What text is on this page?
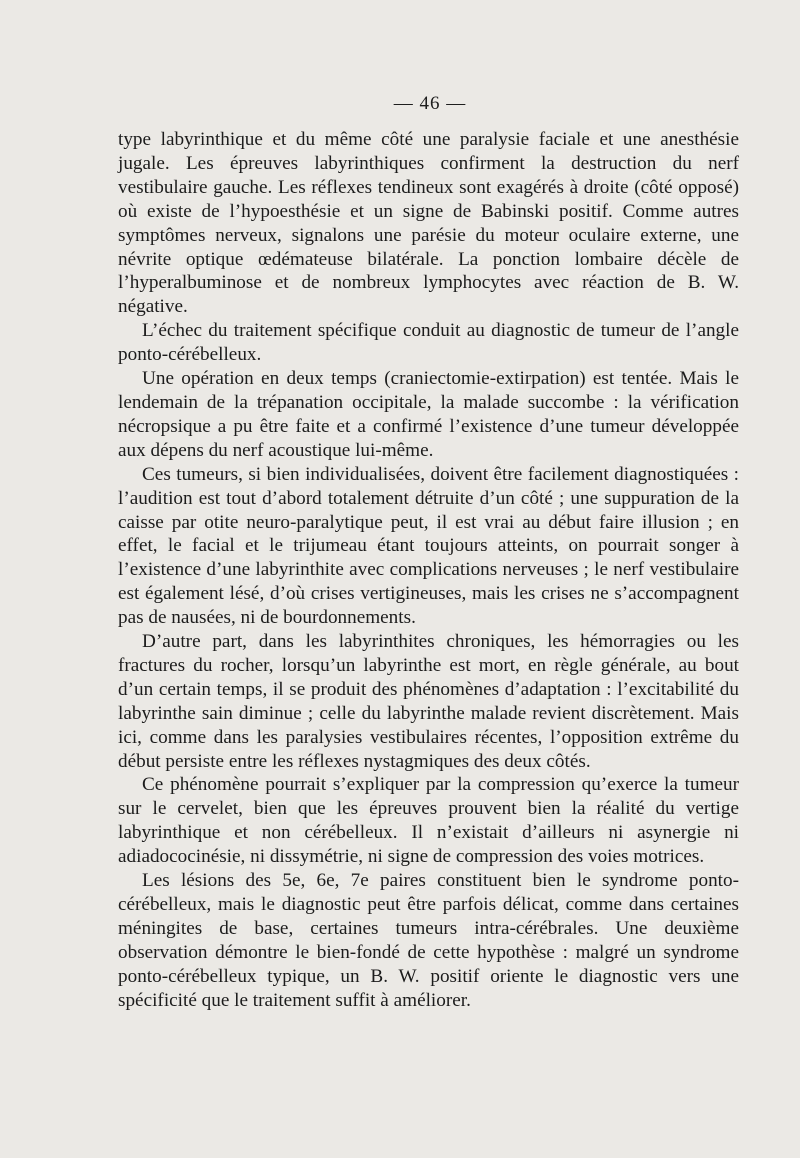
— 46 —

type labyrinthique et du même côté une paralysie faciale et une anesthésie jugale. Les épreuves labyrinthiques confirment la destruction du nerf vestibulaire gauche. Les réflexes tendineux sont exagérés à droite (côté opposé) où existe de l’hypoesthésie et un signe de Babinski positif. Comme autres symptômes nerveux, signalons une parésie du moteur oculaire externe, une névrite optique œdémateuse bilatérale. La ponction lombaire décèle de l’hyperalbuminose et de nombreux lymphocytes avec réaction de B. W. négative.

L’échec du traitement spécifique conduit au diagnostic de tumeur de l’angle ponto-cérébelleux.

Une opération en deux temps (craniectomie-extirpation) est tentée. Mais le lendemain de la trépanation occipitale, la malade succombe : la vérification nécropsique a pu être faite et a confirmé l’existence d’une tumeur développée aux dépens du nerf acoustique lui-même.

Ces tumeurs, si bien individualisées, doivent être facilement diagnostiquées : l’audition est tout d’abord totalement détruite d’un côté ; une suppuration de la caisse par otite neuro-paralytique peut, il est vrai au début faire illusion ; en effet, le facial et le trijumeau étant toujours atteints, on pourrait songer à l’existence d’une labyrinthite avec complications nerveuses ; le nerf vestibulaire est également lésé, d’où crises vertigineuses, mais les crises ne s’accompagnent pas de nausées, ni de bourdonnements.

D’autre part, dans les labyrinthites chroniques, les hémorragies ou les fractures du rocher, lorsqu’un labyrinthe est mort, en règle générale, au bout d’un certain temps, il se produit des phénomènes d’adaptation : l’excitabilité du labyrinthe sain diminue ; celle du labyrinthe malade revient discrètement. Mais ici, comme dans les paralysies vestibulaires récentes, l’opposition extrême du début persiste entre les réflexes nystagmiques des deux côtés.

Ce phénomène pourrait s’expliquer par la compression qu’exerce la tumeur sur le cervelet, bien que les épreuves prouvent bien la réalité du vertige labyrinthique et non cérébelleux. Il n’existait d’ailleurs ni asynergie ni adiadococinésie, ni dissymétrie, ni signe de compression des voies motrices.

Les lésions des 5e, 6e, 7e paires constituent bien le syndrome ponto-cérébelleux, mais le diagnostic peut être parfois délicat, comme dans certaines méningites de base, certaines tumeurs intra-cérébrales. Une deuxième observation démontre le bien-fondé de cette hypothèse : malgré un syndrome ponto-cérébelleux typique, un B. W. positif oriente le diagnostic vers une spécificité que le traitement suffit à améliorer.
